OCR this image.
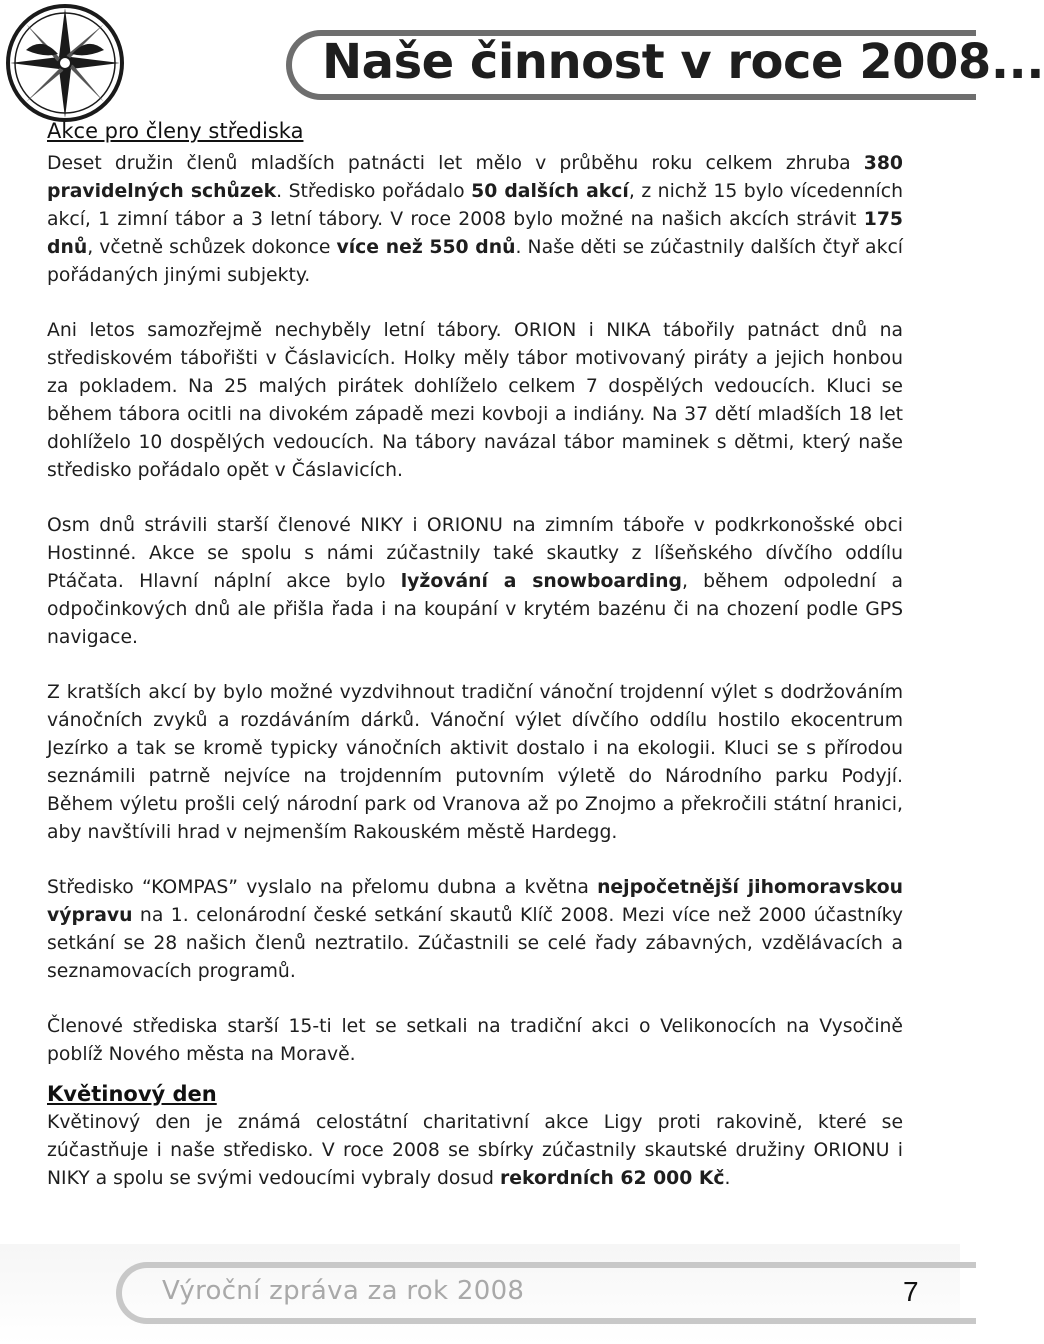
Naše činnost v roce 2008...
Akce pro členy střediska

Deset družin členů mladších patnácti let mělo v průběhu roku celkem zhruba 380 pravidelných schůzek. Středisko pořádalo 50 dalších akcí, z nichž 15 bylo vícedenních akcí, 1 zimní tábor a 3 letní tábory. V roce 2008 bylo možné na našich akcích strávit 175 dnů, včetně schůzek dokonce více než 550 dnů. Naše děti se zúčastnily dalších čtyř akcí pořádaných jinými subjekty.

Ani letos samozřejmě nechyběly letní tábory. ORION i NIKA tábořily patnáct dnů na střediskovém tábořišti v Čáslavicích. Holky měly tábor motivovaný piráty a jejich honbou za pokladem. Na 25 malých pirátek dohlíželo celkem 7 dospělých vedoucích. Kluci se během tábora ocitli na divokém západě mezi kovboji a indiány. Na 37 dětí mladších 18 let dohlíželo 10 dospělých vedoucích. Na tábory navázal tábor maminek s dětmi, který naše středisko pořádalo opět v Čáslavicích.

Osm dnů strávili starší členové NIKY i ORIONU na zimním táboře v podkrkonošské obci Hostinné. Akce se spolu s námi zúčastnily také skautky z líšeňského dívčího oddílu Ptáčata. Hlavní náplní akce bylo lyžování a snowboarding, během odpolední a odpočinkových dnů ale přišla řada i na koupání v krytém bazénu či na chození podle GPS navigace.

Z kratších akcí by bylo možné vyzdvihnout tradiční vánoční trojdenní výlet s dodržováním vánočních zvyků a rozdáváním dárků. Vánoční výlet dívčího oddílu hostilo ekocentrum Jezírko a tak se kromě typicky vánočních aktivit dostalo i na ekologii. Kluci se s přírodou seznámili patrně nejvíce na trojdenním putovním výletě do Národního parku Podyjí. Během výletu prošli celý národní park od Vranova až po Znojmo a překročili státní hranici, aby navštívili hrad v nejmenším Rakouském městě Hardegg.

Středisko “KOMPAS” vyslalo na přelomu dubna a května nejpočetnější jihomoravskou výpravu na 1. celonárodní české setkání skautů Klíč 2008. Mezi více než 2000 účastníky setkání se 28 našich členů neztratilo. Zúčastnili se celé řady zábavných, vzdělávacích a seznamovacích programů.

Členové střediska starší 15-ti let se setkali na tradiční akci o Velikonocích na Vysočině poblíž Nového města na Moravě.

Květinový den

Květinový den je známá celostátní charitativní akce Ligy proti rakovině, které se zúčastňuje i naše středisko. V roce 2008 se sbírky zúčastnily skautské družiny ORIONU i NIKY a spolu se svými vedoucími vybraly dosud rekordních 62 000 Kč.

Výroční zpráva za rok 2008	7
